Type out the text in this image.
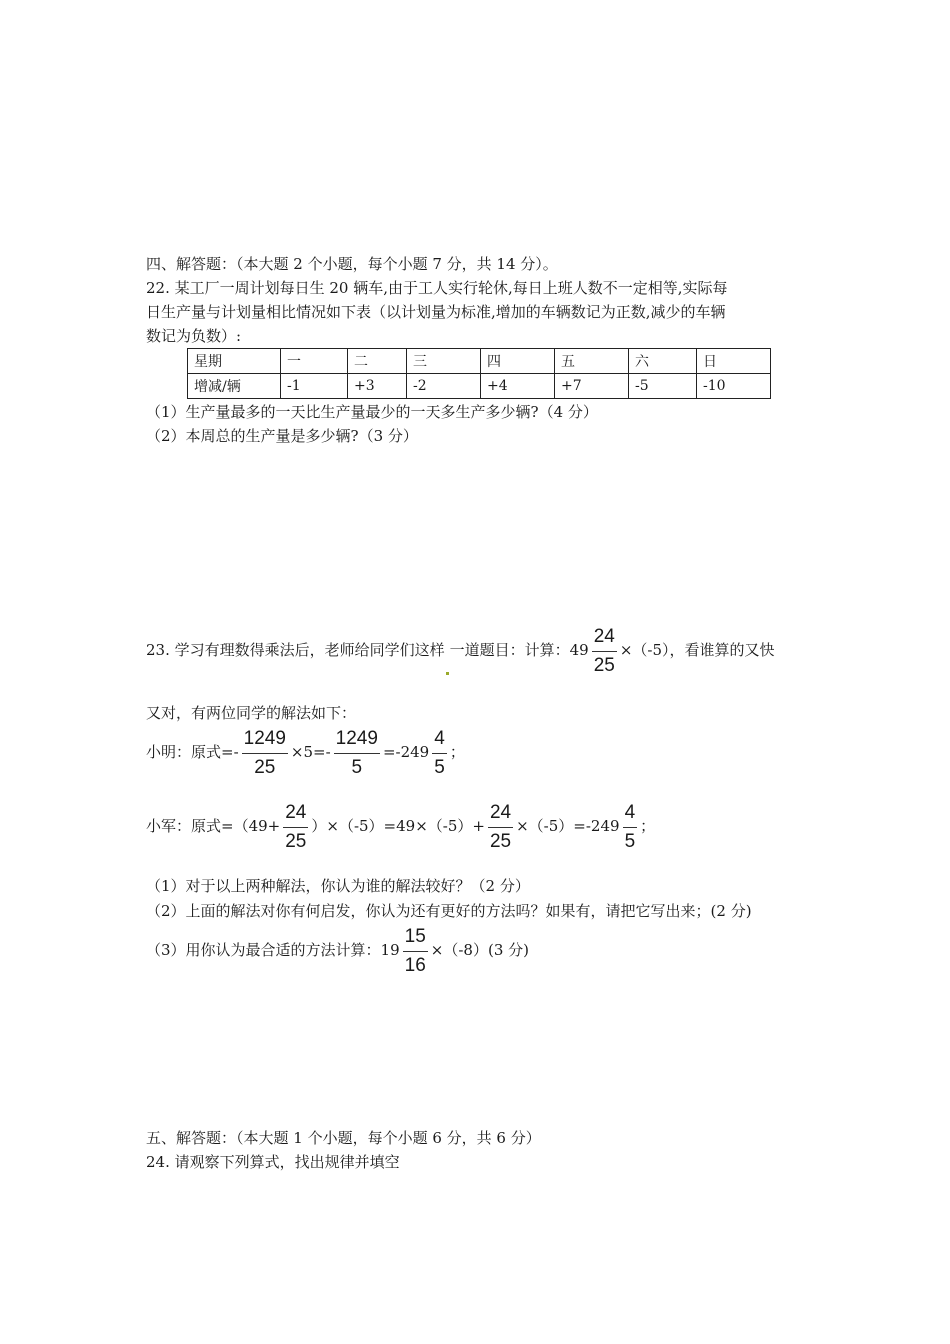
四、解答题：（本大题 2 个小题，每个小题 7 分，共 14 分）。
22. 某工厂一周计划每日生 20 辆车,由于工人实行轮休,每日上班人数不一定相等,实际每
日生产量与计划量相比情况如下表（以计划量为标准,增加的车辆数记为正数,减少的车辆
数记为负数）:
星期	一	二	三	四	五	六	日
增减/辆	-1	+3	-2	+4	+7	-5	-10
（1）生产量最多的一天比生产量最少的一天多生产多少辆?（4 分）
（2）本周总的生产量是多少辆?（3 分）
23. 学习有理数得乘法后，老师给同学们这样 一道题目：计算：$49 \frac{24}{25} \times(-5)$，看谁算的又快
又对，有两位同学的解法如下：
小明：原式=- $\frac{1249}{25} \times 5=- \frac{1249}{5} =-249 \frac{4}{5}$ ；
小军：原式$=(49+ \frac{24}{25} )\times(-5)=49\times(-5)+ \frac{24}{25} \times(-5)=-249 \frac{4}{5}$ ；
（1）对于以上两种解法，你认为谁的解法较好？（2 分）
（2）上面的解法对你有何启发，你认为还有更好的方法吗？如果有，请把它写出来；(2 分)
（3）用你认为最合适的方法计算：$19 \frac{15}{16} \times(-8)(3$ 分)
五、解答题：（本大题 1 个小题，每个小题 6 分，共 6 分）
24. 请观察下列算式，找出规律并填空
